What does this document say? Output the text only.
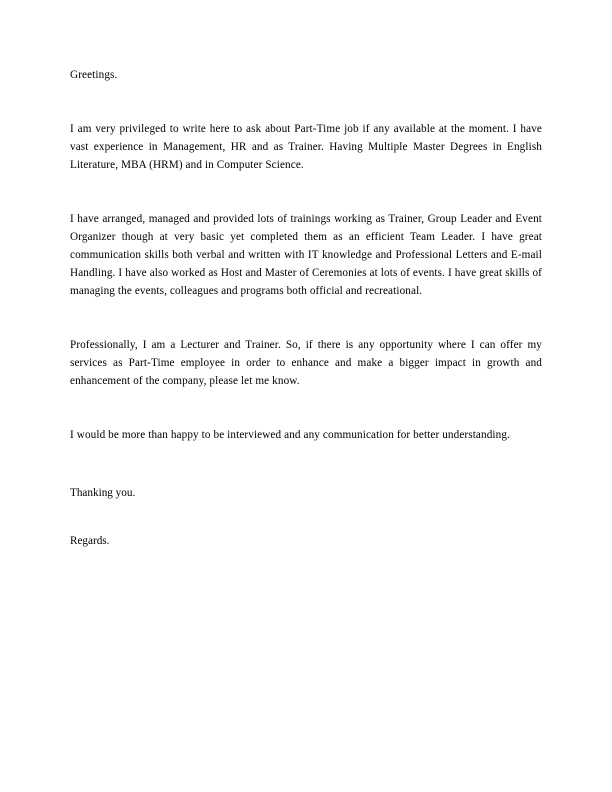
Greetings.

I am very privileged to write here to ask about Part-Time job if any available at the moment. I have vast experience in Management, HR and as Trainer. Having Multiple Master Degrees in English Literature, MBA (HRM) and in Computer Science.

I have arranged, managed and provided lots of trainings working as Trainer, Group Leader and Event Organizer though at very basic yet completed them as an efficient Team Leader. I have great communication skills both verbal and written with IT knowledge and Professional Letters and E-mail Handling. I have also worked as Host and Master of Ceremonies at lots of events. I have great skills of managing the events, colleagues and programs both official and recreational.

Professionally, I am a Lecturer and Trainer. So, if there is any opportunity where I can offer my services as Part-Time employee in order to enhance and make a bigger impact in growth and enhancement of the company, please let me know.

I would be more than happy to be interviewed and any communication for better understanding.

Thanking you.

Regards.
